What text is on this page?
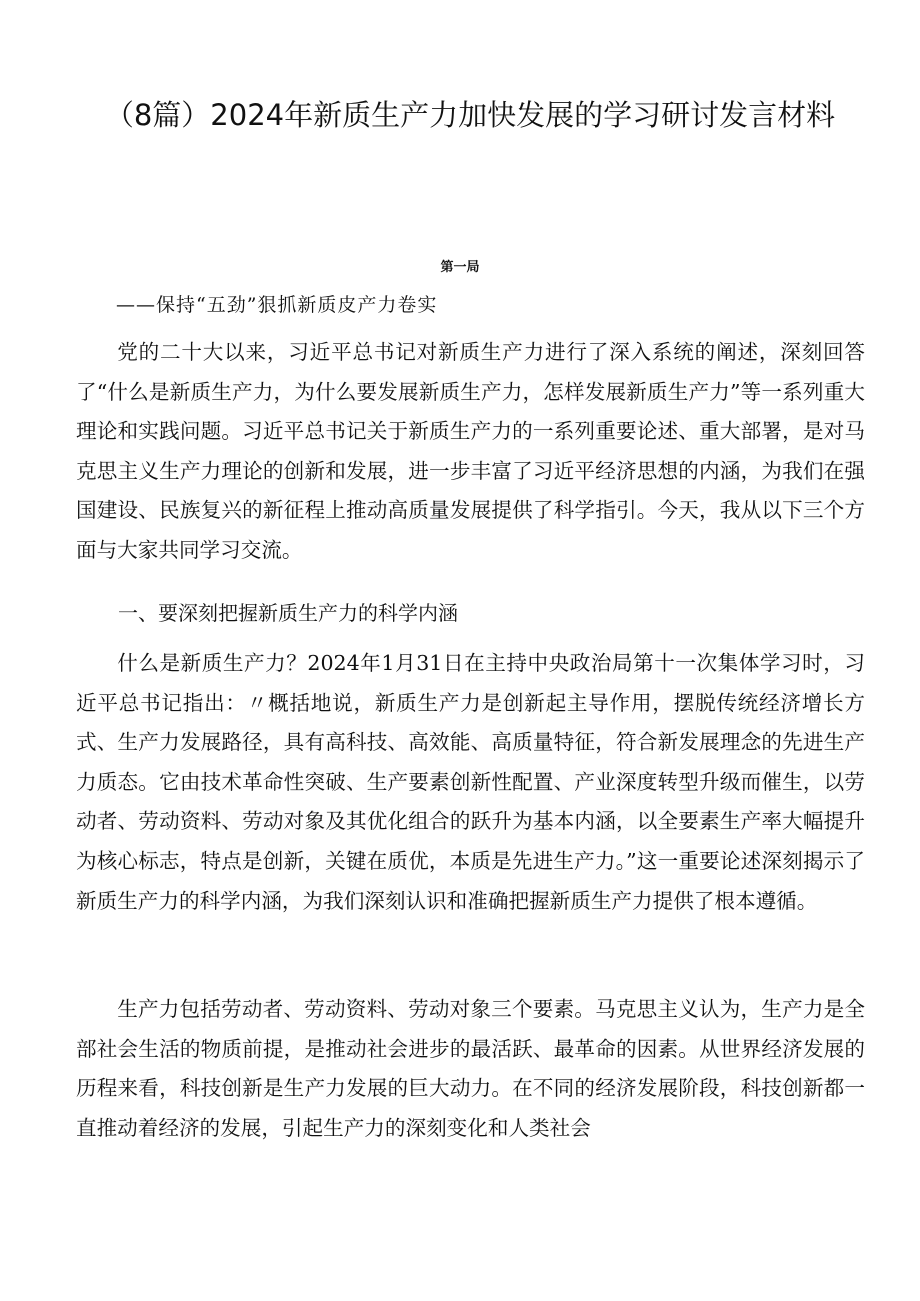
（8篇）2024年新质生产力加快发展的学习研讨发言材料
第一局
——保持“五劲”狠抓新质皮产力卷实

党的二十大以来，习近平总书记对新质生产力进行了深入系统的阐述，深刻回答了“什么是新质生产力，为什么要发展新质生产力，怎样发展新质生产力”等一系列重大理论和实践问题。习近平总书记关于新质生产力的一系列重要论述、重大部署，是对马克思主义生产力理论的创新和发展，进一步丰富了习近平经济思想的内涵，为我们在强国建设、民族复兴的新征程上推动高质量发展提供了科学指引。今天，我从以下三个方面与大家共同学习交流。

一、要深刻把握新质生产力的科学内涵

什么是新质生产力？2024年1月31日在主持中央政治局第十一次集体学习时，习近平总书记指出：〃概括地说，新质生产力是创新起主导作用，摆脱传统经济增长方式、生产力发展路径，具有高科技、高效能、高质量特征，符合新发展理念的先进生产力质态。它由技术革命性突破、生产要素创新性配置、产业深度转型升级而催生，以劳动者、劳动资料、劳动对象及其优化组合的跃升为基本内涵，以全要素生产率大幅提升为核心标志，特点是创新，关键在质优，本质是先进生产力。”这一重要论述深刻揭示了新质生产力的科学内涵，为我们深刻认识和准确把握新质生产力提供了根本遵循。

生产力包括劳动者、劳动资料、劳动对象三个要素。马克思主义认为，生产力是全部社会生活的物质前提，是推动社会进步的最活跃、最革命的因素。从世界经济发展的历程来看，科技创新是生产力发展的巨大动力。在不同的经济发展阶段，科技创新都一直推动着经济的发展，引起生产力的深刻变化和人类社会
